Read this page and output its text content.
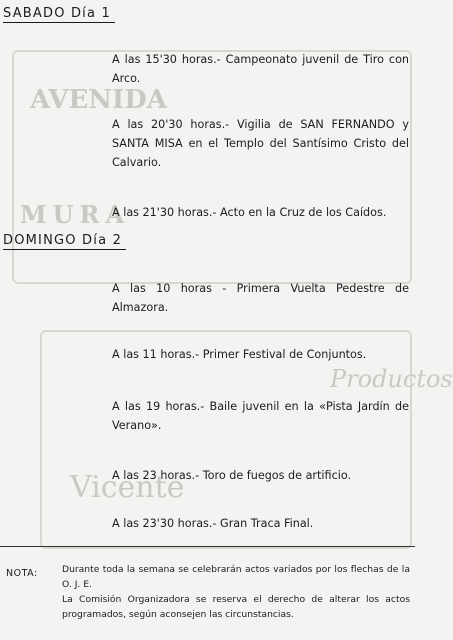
AVENIDA
MURA
Vicente
Productos
SABADO Día 1
A las 15'30 horas.- Campeonato juvenil de Tiro con Arco.
A las 20'30 horas.- Vigilia de SAN FERNANDO y SANTA MISA en el Templo del Santísimo Cristo del Calvario.
A las 21'30 horas.- Acto en la Cruz de los Caídos.
DOMINGO Día 2
A las 10 horas - Primera Vuelta Pedestre de Almazora.
A las 11 horas.- Primer Festival de Conjuntos.
A las 19 horas.- Baile juvenil en la «Pista Jardín de Verano».
A las 23 horas.- Toro de fuegos de artificio.
A las 23'30 horas.- Gran Traca Final.
NOTA:	Durante toda la semana se celebrarán actos variados por los flechas de la O. J. E.

La Comisión Organizadora se reserva el derecho de alterar los actos programados, según aconsejen las circunstancias.
